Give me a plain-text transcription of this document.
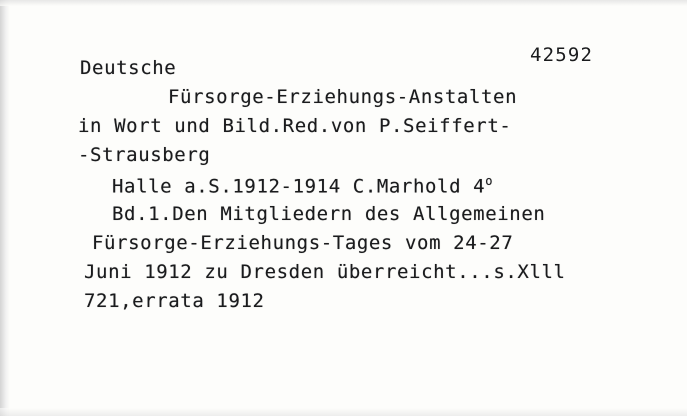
42592
Deutsche
Fürsorge-Erziehungs-Anstalten
in Wort und Bild.Red.von P.Seiffert-
-Strausberg
Halle a.S.1912-1914 C.Marhold 4$^o$
Bd.1.Den Mitgliedern des Allgemeinen
Fürsorge-Erziehungs-Tages vom 24-27
Juni 1912 zu Dresden überreicht...s.Xlll
721,errata 1912
